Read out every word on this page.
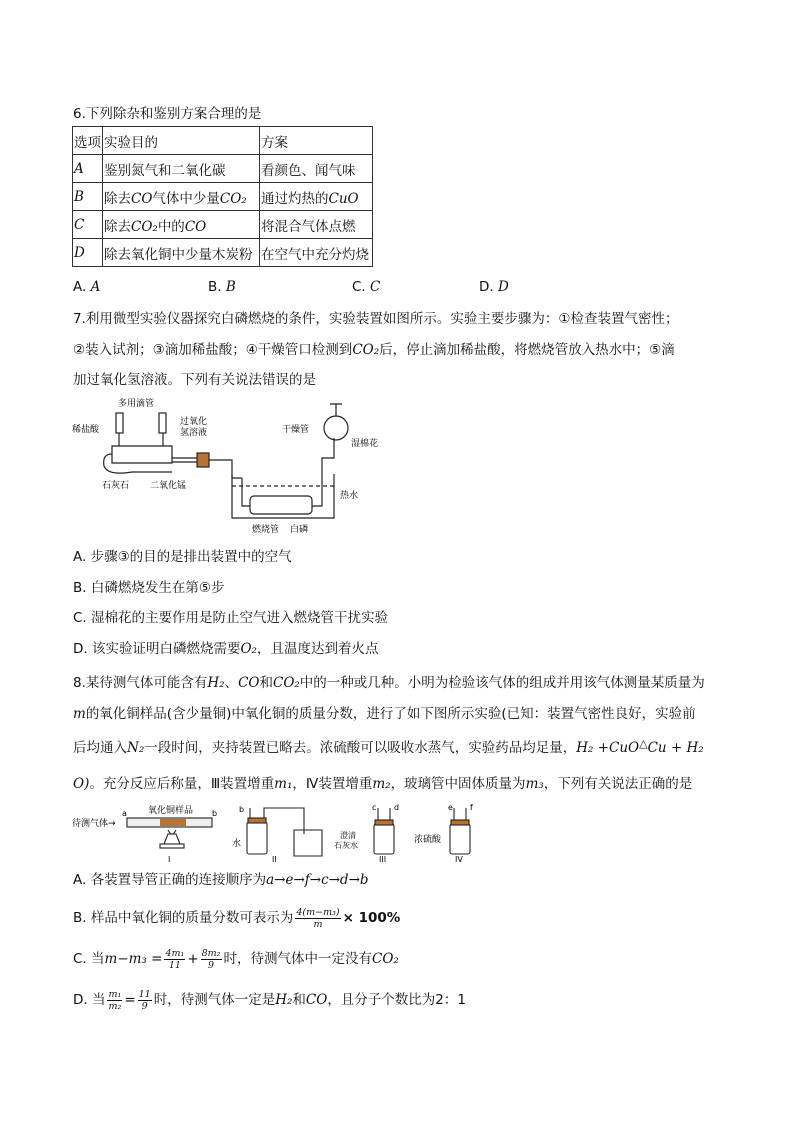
6.下列除杂和鉴别方案合理的是
选项	实验目的	方案
A	鉴别氮气和二氧化碳	看颜色、闻气味
B	除去CO气体中少量CO₂	通过灼热的CuO
C	除去CO₂中的CO	将混合气体点燃
D	除去氧化铜中少量木炭粉	在空气中充分灼烧
A. A	B. B	C. C	D. D
7.利用微型实验仪器探究白磷燃烧的条件，实验装置如图所示。实验主要步骤为：①检查装置气密性；
②装入试剂；③滴加稀盐酸；④干燥管口检测到CO₂后，停止滴加稀盐酸，将燃烧管放入热水中；⑤滴
加过氧化氢溶液。下列有关说法错误的是
多用滴管
稀盐酸
过氧化
氢溶液
石灰石 二氧化锰
干燥管
湿棉花
热水
燃烧管 白磷
A. 步骤③的目的是排出装置中的空气
B. 白磷燃烧发生在第⑤步
C. 湿棉花的主要作用是防止空气进入燃烧管干扰实验
D. 该实验证明白磷燃烧需要O₂，且温度达到着火点
8.某待测气体可能含有H₂、CO和CO₂中的一种或几种。小明为检验该气体的组成并用该气体测量某质量为
m的氧化铜样品(含少量铜)中氧化铜的质量分数，进行了如下图所示实验(已知：装置气密性良好，实验前
后均通入N₂一段时间，夹持装置已略去。浓硫酸可以吸收水蒸气，实验药品均足量，H₂ +CuO△Cu + H₂
O)。充分反应后称量，Ⅲ装置增重m₁，Ⅳ装置增重m₂，玻璃管中固体质量为m₃，下列有关说法正确的是
待测气体→
氧化铜样品
a	b	b
水
c d
澄清
石灰水
e f
浓硫酸
I	II	III	IV
A. 各装置导管正确的连接顺序为a→e→f→c→d→b
B. 样品中氧化铜的质量分数可表示为 $\frac{\text{4(m−m₃)}}{m} \times 100\%$
C. 当$m-m_3 = \frac{\text{4m₁}}{11} + \frac{\text{8m₂}}{9}$ 时，待测气体中一定没有CO₂
D. 当 $\frac{\text{m₁}}{\text{m₂}} = \frac{11}{9}$ 时，待测气体一定是H₂和CO，且分子个数比为2：1
